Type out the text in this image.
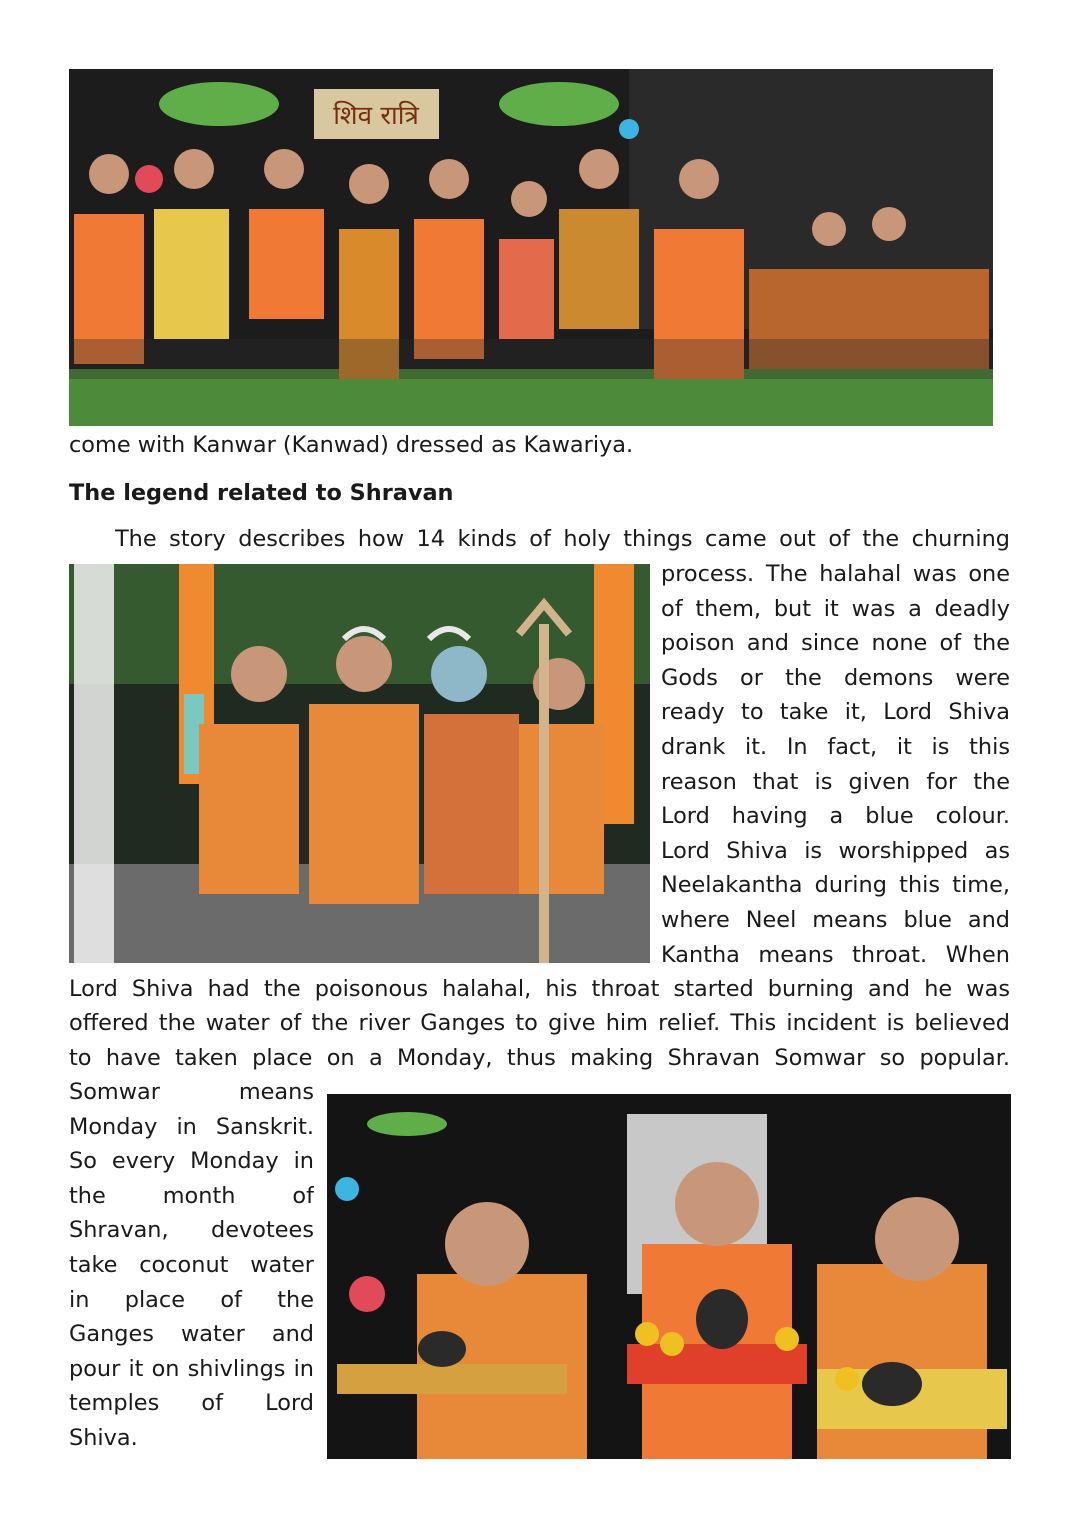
शिव रात्रि
come with Kanwar (Kanwad) dressed as Kawariya.
The legend related to Shravan
The story describes how 14 kinds of holy things came out of the churning
process. The halahal was one
of them, but it was a deadly
poison and since none of the
Gods or the demons were
ready to take it, Lord Shiva
drank it. In fact, it is this
reason that is given for the
Lord having a blue colour.
Lord Shiva is worshipped as
Neelakantha during this time,
where Neel means blue and
Kantha means throat. When
Lord Shiva had the poisonous halahal, his throat started burning and he was
offered the water of the river Ganges to give him relief. This incident is believed
to have taken place on a Monday, thus making Shravan Somwar so popular.
Somwar means
Monday in Sanskrit.
So every Monday in
the month of
Shravan, devotees
take coconut water
in place of the
Ganges water and
pour it on shivlings in
temples of Lord
Shiva.
